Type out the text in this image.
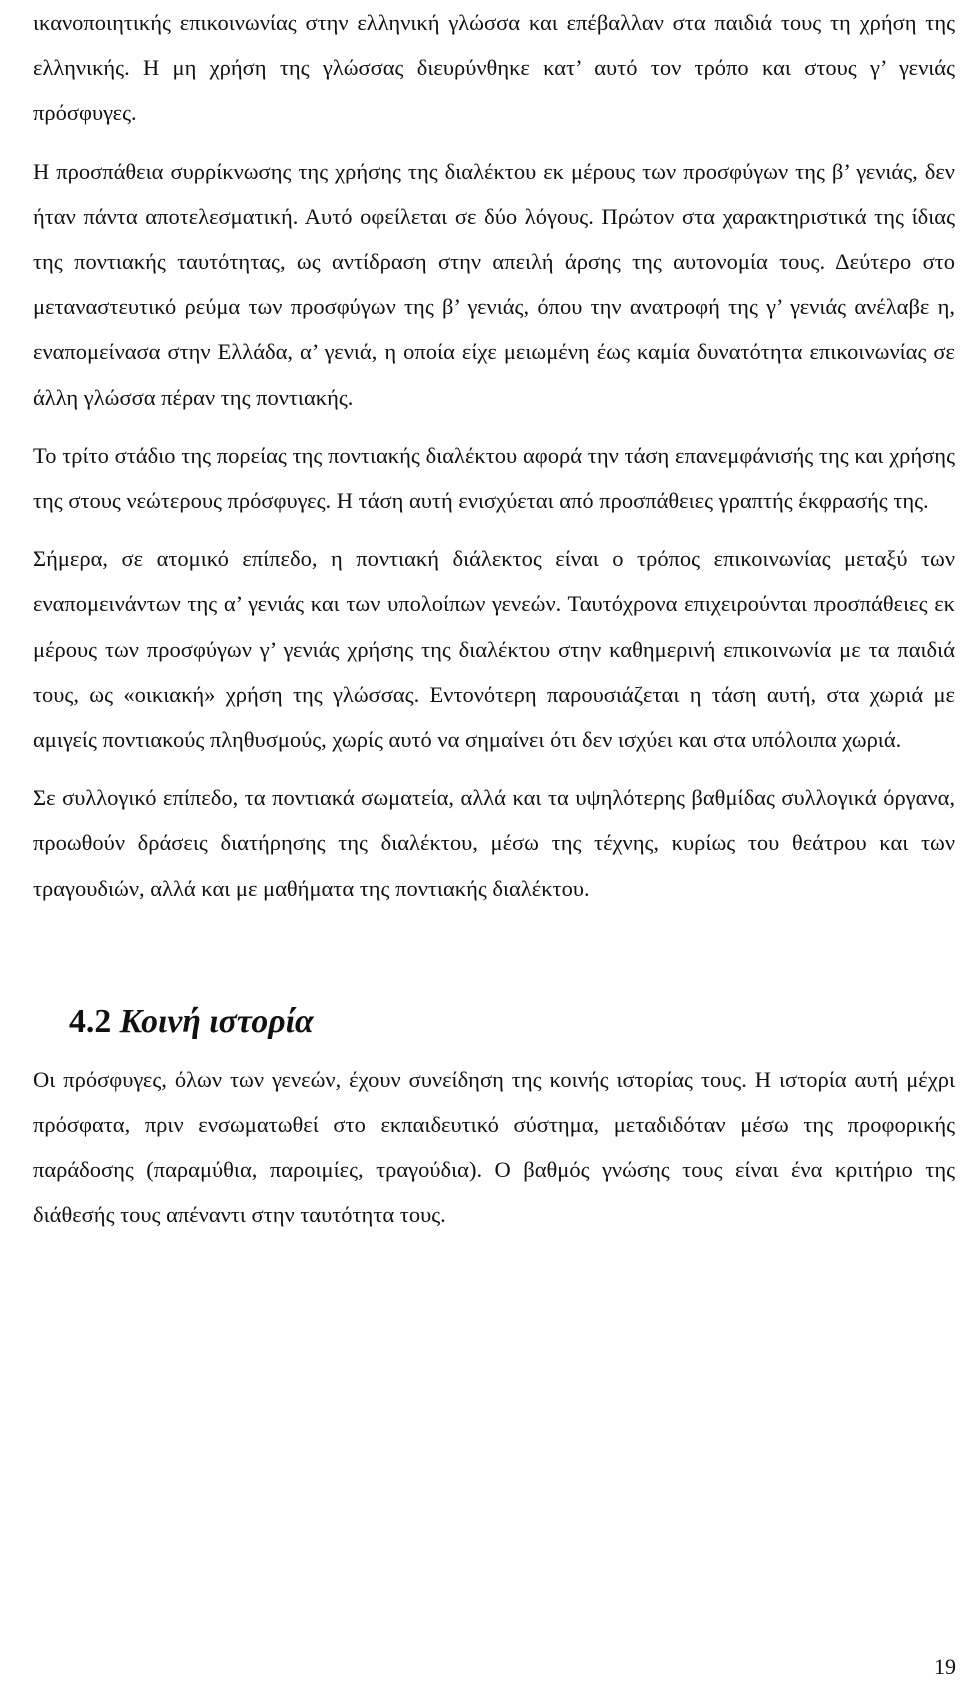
ικανοποιητικής επικοινωνίας στην ελληνική γλώσσα και επέβαλλαν στα παιδιά τους τη χρήση της ελληνικής. Η μη χρήση της γλώσσας διευρύνθηκε κατ’ αυτό τον τρόπο και στους γ’ γενιάς πρόσφυγες.

Η προσπάθεια συρρίκνωσης της χρήσης της διαλέκτου εκ μέρους των προσφύγων της β’ γενιάς, δεν ήταν πάντα αποτελεσματική. Αυτό οφείλεται σε δύο λόγους. Πρώτον στα χαρακτηριστικά της ίδιας της ποντιακής ταυτότητας, ως αντίδραση στην απειλή άρσης της αυτονομία τους. Δεύτερο στο μεταναστευτικό ρεύμα των προσφύγων της β’ γενιάς, όπου την ανατροφή της γ’ γενιάς ανέλαβε η, εναπομείνασα στην Ελλάδα, α’ γενιά, η οποία είχε μειωμένη έως καμία δυνατότητα επικοινωνίας σε άλλη γλώσσα πέραν της ποντιακής.

Το τρίτο στάδιο της πορείας της ποντιακής διαλέκτου αφορά την τάση επανεμφάνισής της και χρήσης της στους νεώτερους πρόσφυγες. Η τάση αυτή ενισχύεται από προσπάθειες γραπτής έκφρασής της.

Σήμερα, σε ατομικό επίπεδο, η ποντιακή διάλεκτος είναι ο τρόπος επικοινωνίας μεταξύ των εναπομεινάντων της α’ γενιάς και των υπολοίπων γενεών. Ταυτόχρονα επιχειρούνται προσπάθειες εκ μέρους των προσφύγων γ’ γενιάς χρήσης της διαλέκτου στην καθημερινή επικοινωνία με τα παιδιά τους, ως «οικιακή» χρήση της γλώσσας. Εντονότερη παρουσιάζεται η τάση αυτή, στα χωριά με αμιγείς ποντιακούς πληθυσμούς, χωρίς αυτό να σημαίνει ότι δεν ισχύει και στα υπόλοιπα χωριά.

Σε συλλογικό επίπεδο, τα ποντιακά σωματεία, αλλά και τα υψηλότερης βαθμίδας συλλογικά όργανα, προωθούν δράσεις διατήρησης της διαλέκτου, μέσω της τέχνης, κυρίως του θεάτρου και των τραγουδιών, αλλά και με μαθήματα της ποντιακής διαλέκτου.

4.2 Κοινή ιστορία

Οι πρόσφυγες, όλων των γενεών, έχουν συνείδηση της κοινής ιστορίας τους. Η ιστορία αυτή μέχρι πρόσφατα, πριν ενσωματωθεί στο εκπαιδευτικό σύστημα, μεταδιδόταν μέσω της προφορικής παράδοσης (παραμύθια, παροιμίες, τραγούδια). Ο βαθμός γνώσης τους είναι ένα κριτήριο της διάθεσής τους απέναντι στην ταυτότητα τους.

19
